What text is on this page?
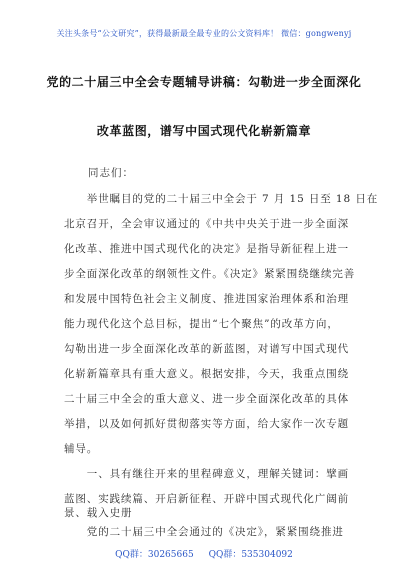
关注头条号“公文研究”，获得最新最全最专业的公文资料库！ 微信：gongwenyj
党的二十届三中全会专题辅导讲稿：勾勒进一步全面深化
改革蓝图，谱写中国式现代化崭新篇章
同志们：
　　举世瞩目的党的二十届三中全会于 7 月 15 日至 18 日在
北京召开，全会审议通过的《中共中央关于进一步全面深
化改革、推进中国式现代化的决定》是指导新征程上进一
步全面深化改革的纲领性文件。《决定》紧紧围绕继续完善
和发展中国特色社会主义制度、推进国家治理体系和治理
能力现代化这个总目标，提出“七个聚焦”的改革方向，
勾勒出进一步全面深化改革的新蓝图，对谱写中国式现代
化崭新篇章具有重大意义。根据安排，今天，我重点围绕
二十届三中全会的重大意义、进一步全面深化改革的具体
举措，以及如何抓好贯彻落实等方面，给大家作一次专题
辅导。
　　一、具有继往开来的里程碑意义，理解关键词：擘画
蓝图、实践续篇、开启新征程、开辟中国式现代化广阔前
景、载入史册
QQ群：30265665 QQ群：535304092
　　党的二十届三中全会通过的《决定》，紧紧围绕推进
